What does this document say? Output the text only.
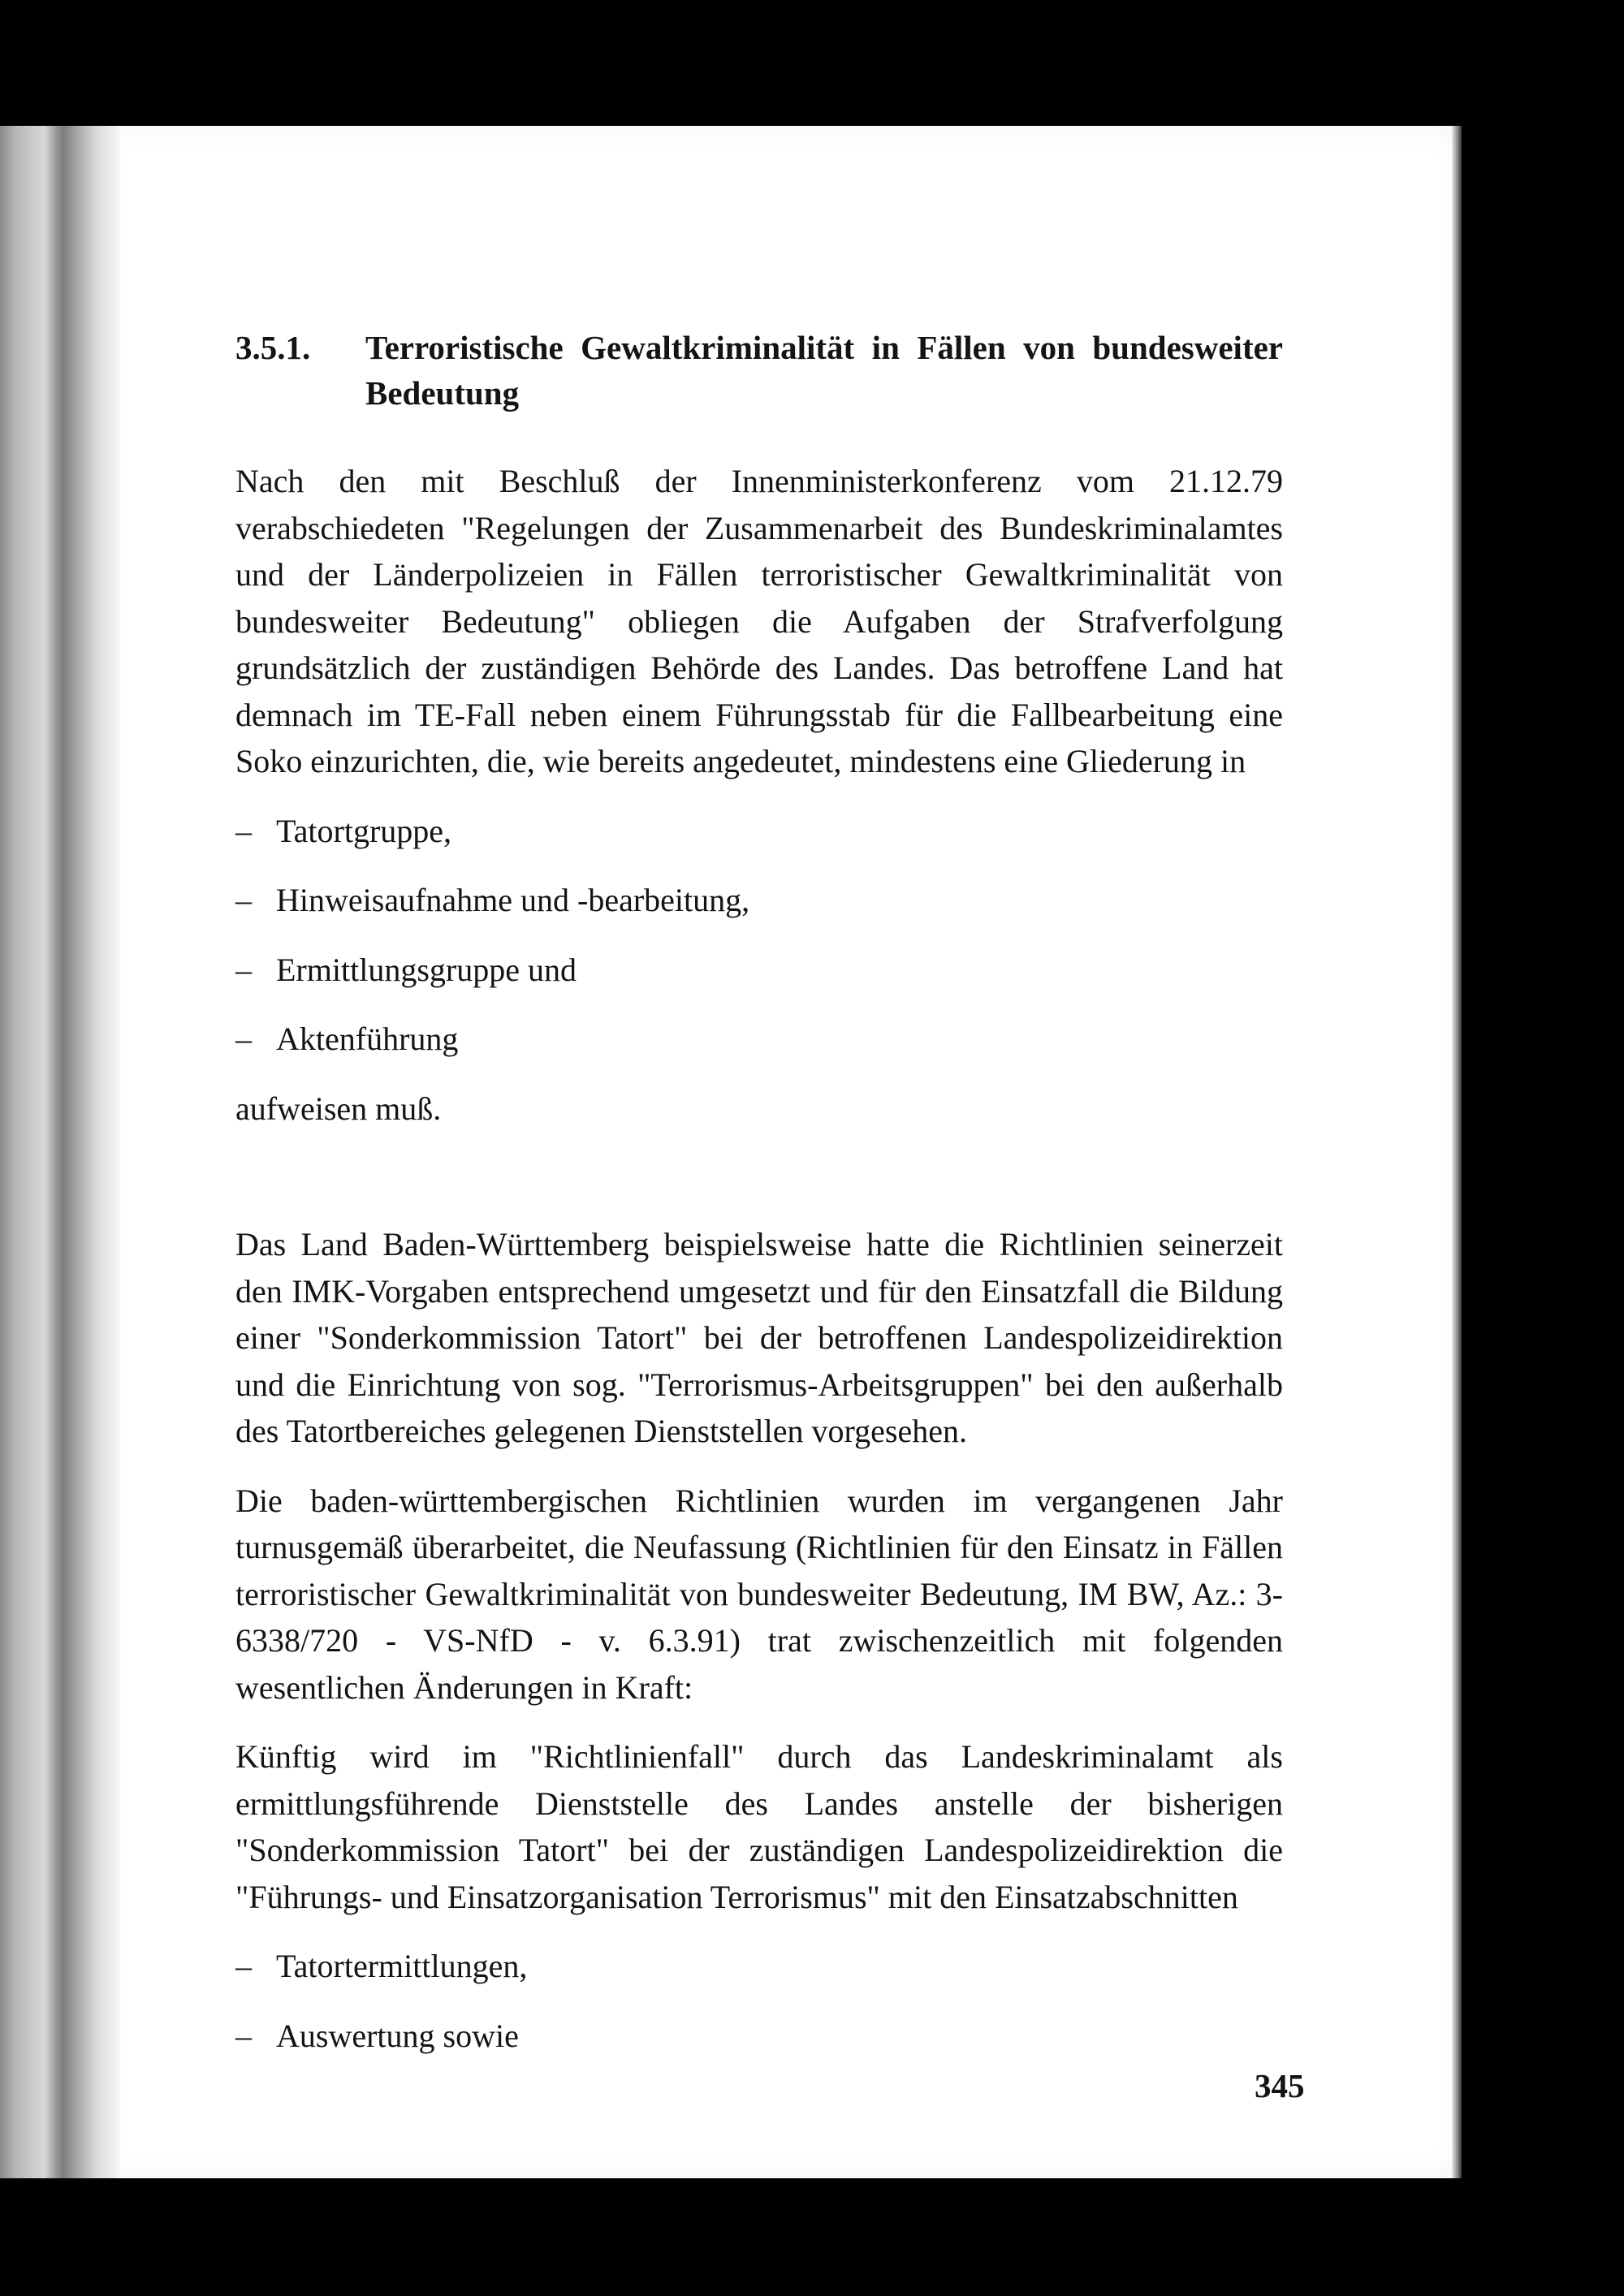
3.5.1.	Terroristische Gewaltkriminalität in Fällen von bundesweiter Bedeutung

Nach den mit Beschluß der Innenministerkonferenz vom 21.12.79 verabschiedeten "Regelungen der Zusammenarbeit des Bundeskriminalamtes und der Länderpolizeien in Fällen terroristischer Gewaltkriminalität von bundesweiter Bedeutung" obliegen die Aufgaben der Strafverfolgung grundsätzlich der zuständigen Behörde des Landes. Das betroffene Land hat demnach im TE-Fall neben einem Führungsstab für die Fallbearbeitung eine Soko einzurichten, die, wie bereits angedeutet, mindestens eine Gliederung in

– Tatortgruppe,
– Hinweisaufnahme und -bearbeitung,
– Ermittlungsgruppe und
– Aktenführung

aufweisen muß.

Das Land Baden-Württemberg beispielsweise hatte die Richtlinien seinerzeit den IMK-Vorgaben entsprechend umgesetzt und für den Einsatzfall die Bildung einer "Sonderkommission Tatort" bei der betroffenen Landespolizeidirektion und die Einrichtung von sog. "Terrorismus-Arbeitsgruppen" bei den außerhalb des Tatortbereiches gelegenen Dienststellen vorgesehen.

Die baden-württembergischen Richtlinien wurden im vergangenen Jahr turnusgemäß überarbeitet, die Neufassung (Richtlinien für den Einsatz in Fällen terroristischer Gewaltkriminalität von bundesweiter Bedeutung, IM BW, Az.: 3-6338/720 - VS-NfD - v. 6.3.91) trat zwischenzeitlich mit folgenden wesentlichen Änderungen in Kraft:

Künftig wird im "Richtlinienfall" durch das Landeskriminalamt als ermittlungsführende Dienststelle des Landes anstelle der bisherigen "Sonderkommission Tatort" bei der zuständigen Landespolizeidirektion die "Führungs- und Einsatzorganisation Terrorismus" mit den Einsatzabschnitten

– Tatortermittlungen,
– Auswertung sowie
345
